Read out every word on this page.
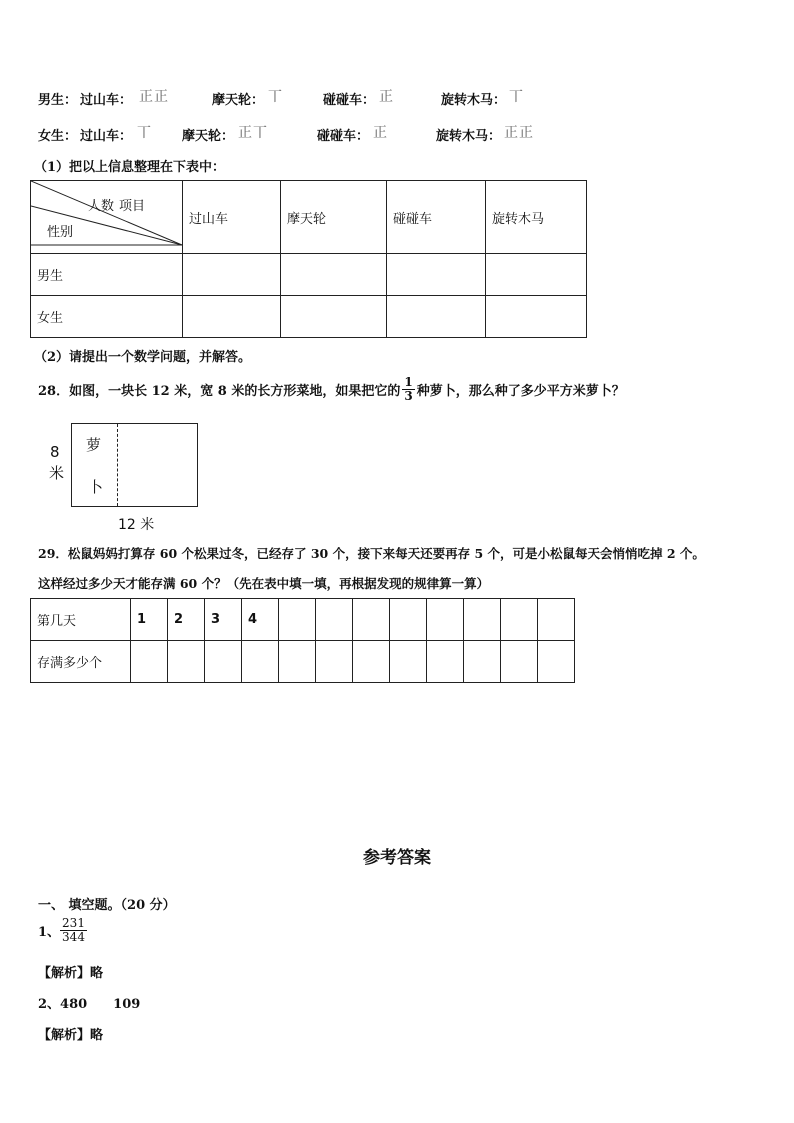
男生： 过山车： 正正	摩天轮： 丅	碰碰车： 正	旋转木马： 丅
女生： 过山车： 丅 摩天轮： 正丅	碰碰车： 正	旋转木马： 正正
（1）把以上信息整理在下表中：
人数 项目
性别	过山车	摩天轮	碰碰车	旋转木马
男生				
女生				
（2）请提出一个数学问题，并解答。
28．如图，一块长 12 米，宽 8 米的长方形菜地，如果把它的 $\frac{1}{3}$ 种萝卜，那么种了多少平方米萝卜？
8
米
萝
卜
12 米
29．松鼠妈妈打算存 60 个松果过冬，已经存了 30 个，接下来每天还要再存 5 个，可是小松鼠每天会悄悄吃掉 2 个。
这样经过多少天才能存满 60 个？（先在表中填一填，再根据发现的规律算一算）
第几天	1	2	3	4								
存满多少个												
参考答案
一、 填空题。（20 分）
1、 $\frac{231}{344}$
【解析】略
2、480　　109
【解析】略
